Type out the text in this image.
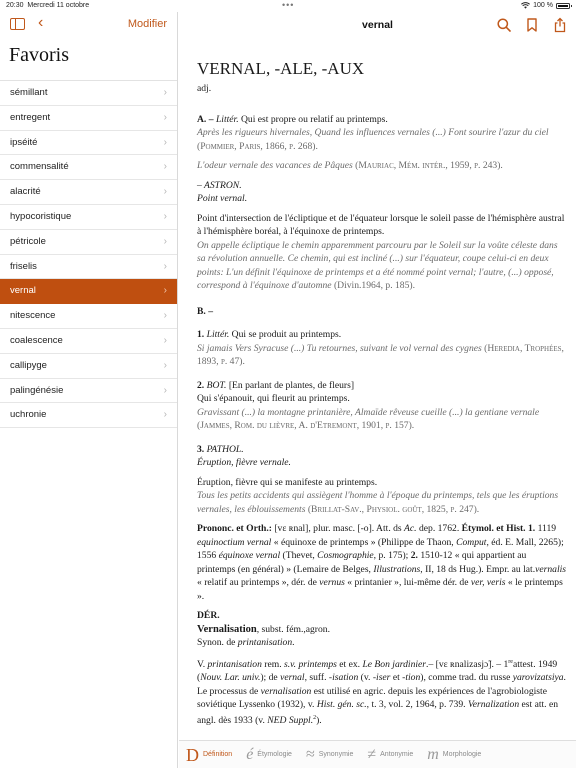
20:30 Mercredi 11 octobre	•••	100 %
‹	Modifier
Favoris
sémillant	›
entregent	›
ipséité	›
commensalité	›
alacrité	›
hypocoristique	›
pétricole	›
friselis	›
vernal	›
nitescence	›
coalescence	›
callipyge	›
palingénésie	›
uchronie	›
vernal
VERNAL, -ALE, -AUX
adj.
A. – Littér. Qui est propre ou relatif au printemps.
Après les rigueurs hivernales, Quand les influences vernales (...) Font sourire l'azur du ciel (Pommier, Paris, 1866, p. 268).
L'odeur vernale des vacances de Pâques (Mauriac, Mém. intér., 1959, p. 243).
– ASTRON.
Point vernal.
Point d'intersection de l'écliptique et de l'équateur lorsque le soleil passe de l'hémisphère austral à l'hémisphère boréal, à l'équinoxe de printemps.
On appelle écliptique le chemin apparemment parcouru par le Soleil sur la voûte céleste dans sa révolution annuelle. Ce chemin, qui est incliné (...) sur l'équateur, coupe celui-ci en deux points: L'un définit l'équinoxe de printemps et a été nommé point vernal; l'autre, (...) opposé, correspond à l'équinoxe d'automne (Divin.1964, p. 185).
B. –
1. Littér. Qui se produit au printemps.
Si jamais Vers Syracuse (...) Tu retournes, suivant le vol vernal des cygnes (Heredia, Trophées, 1893, p. 47).
2. BOT. [En parlant de plantes, de fleurs]
Qui s'épanouit, qui fleurit au printemps.
Gravissant (...) la montagne printanière, Almaïde rêveuse cueille (...) la gentiane vernale (Jammes, Rom. du lièvre, A. d'Etremont, 1901, p. 157).
3. PATHOL.
Éruption, fièvre vernale.
Éruption, fièvre qui se manifeste au printemps.
Tous les petits accidents qui assiègent l'homme à l'époque du printemps, tels que les éruptions vernales, les éblouissements (Brillat-Sav., Physiol. goût, 1825, p. 247).
Prononc. et Orth.: [vɛ ʀnal], plur. masc. [-o]. Att. ds Ac. dep. 1762. Étymol. et Hist. 1. 1119 equinoctium vernal « équinoxe de printemps » (Philippe de Thaon, Comput, éd. E. Mall, 2265); 1556 équinoxe vernal (Thevet, Cosmographie, p. 175); 2. 1510-12 « qui appartient au printemps (en général) » (Lemaire de Belges, Illustrations, II, 18 ds Hug.). Empr. au lat.vernalis « relatif au printemps », dér. de vernus « printanier », lui-même dér. de ver, veris « le printemps ».
DÉR.
Vernalisation, subst. fém.,agron.
Synon. de printanisation.
V. printanisation rem. s.v. printemps et ex. Le Bon jardinier.– [vɛ ʀnalizasjɔ̃]. – 1reattest. 1949 (Nouv. Lar. univ.); de vernal, suff. -isation (v. -iser et -tion), comme trad. du russe yarovizatsiya. Le processus de vernalisation est utilisé en agric. depuis les expériences de l'agrobiologiste soviétique Lyssenko (1932), v. Hist. gén. sc., t. 3, vol. 2, 1964, p. 739. Vernalization est att. en angl. dès 1933 (v. NED Suppl.$^2$).
D Définition é Étymologie ≈ Synonymie ≠ Antonymie m Morphologie
